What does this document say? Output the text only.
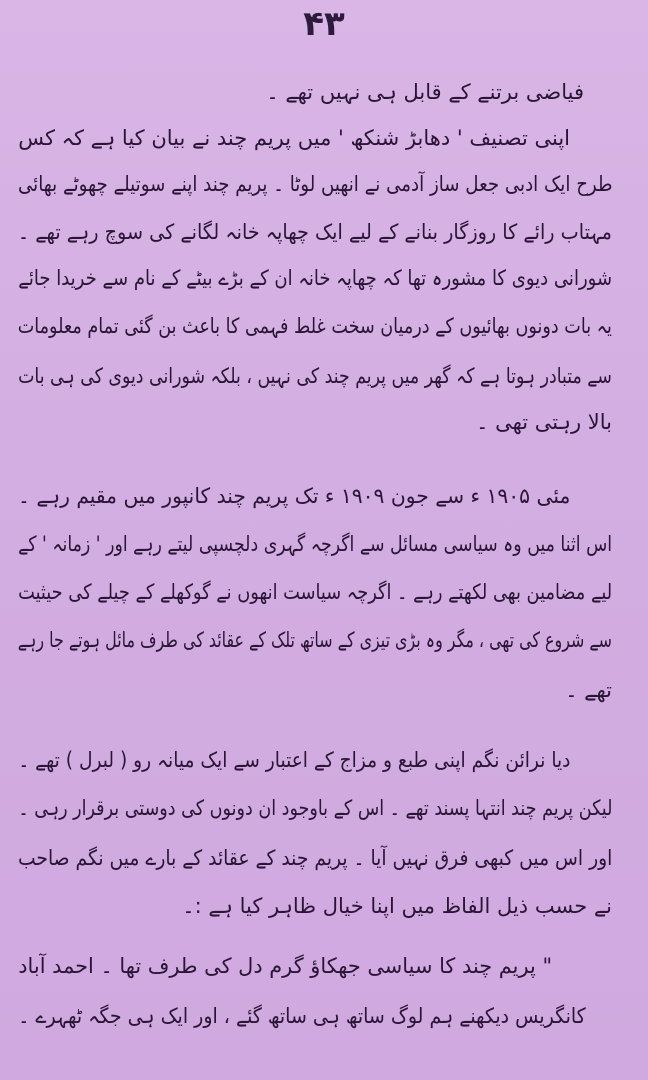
۴۳
فیاضی برتنے کے قابل ہی نہیں تھے ۔
اپنی تصنیف ' دھابڑ شنکھ ' میں پریم چند نے بیان کیا ہے کہ کس
طرح ایک ادبی جعل ساز آدمی نے انھیں لوٹا ۔ پریم چند اپنے سوتیلے چھوٹے بھائی
مہتاب رائے کا روزگار بنانے کے لیے ایک چھاپہ خانہ لگانے کی سوچ رہے تھے ۔
شورانی دیوی کا مشورہ تھا کہ چھاپہ خانہ ان کے بڑے بیٹے کے نام سے خریدا جائے
یہ بات دونوں بھائیوں کے درمیان سخت غلط فہمی کا باعث بن گئی تمام معلومات
سے متبادر ہوتا ہے کہ گھر میں پریم چند کی نہیں ، بلکہ شورانی دیوی کی ہی بات
بالا رہتی تھی ۔
مئی ۱۹۰۵ ء سے جون ۱۹۰۹ ء تک پریم چند کانپور میں مقیم رہے ۔
اس اثنا میں وہ سیاسی مسائل سے اگرچہ گہری دلچسپی لیتے رہے اور ' زمانہ ' کے
لیے مضامین بھی لکھتے رہے ۔ اگرچہ سیاست انھوں نے گوکھلے کے چیلے کی حیثیت
سے شروع کی تھی ، مگر وہ بڑی تیزی کے ساتھ تلک کے عقائد کی طرف مائل ہوتے جا رہے
تھے ۔
دیا نرائن نگم اپنی طبع و مزاج کے اعتبار سے ایک میانہ رو ( لبرل ) تھے ۔
لیکن پریم چند انتہا پسند تھے ۔ اس کے باوجود ان دونوں کی دوستی برقرار رہی ۔
اور اس میں کبھی فرق نہیں آیا ۔ پریم چند کے عقائد کے بارے میں نگم صاحب
نے حسب ذیل الفاظ میں اپنا خیال ظاہر کیا ہے :۔
" پریم چند کا سیاسی جھکاؤ گرم دل کی طرف تھا ۔ احمد آباد
کانگریس دیکھنے ہم لوگ ساتھ ہی ساتھ گئے ، اور ایک ہی جگہ ٹھہرے ۔
